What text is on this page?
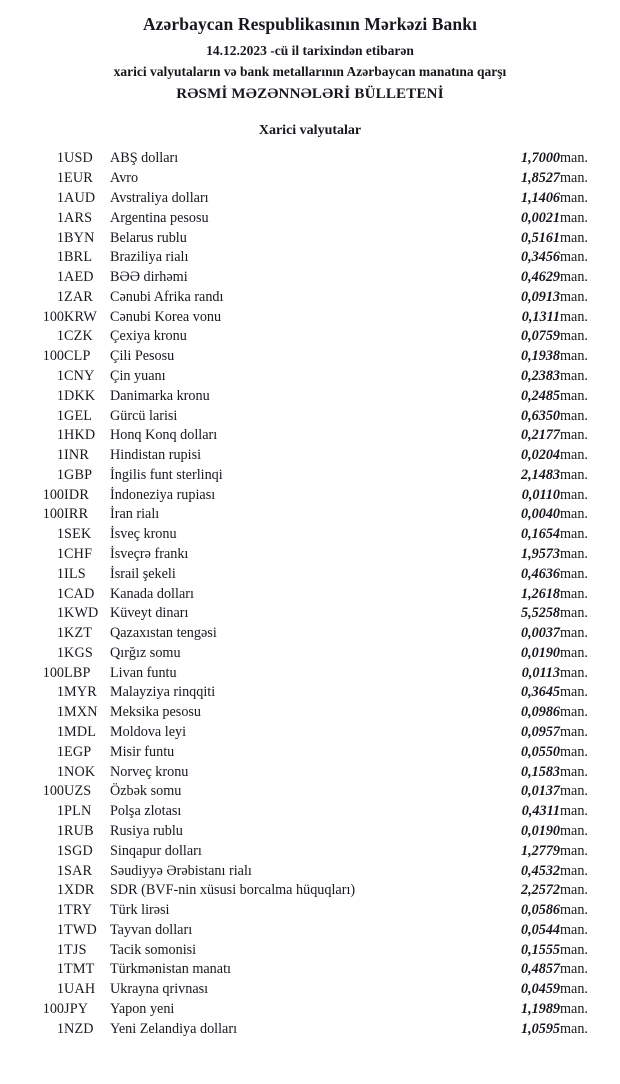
Azərbaycan Respublikasının Mərkəzi Bankı
14.12.2023 -cü il tarixindən etibarən
xarici valyutaların və bank metallarının Azərbaycan manatına qarşı
RƏSMİ MƏZƏNNƏLƏRİ BÜLLETENİ
Xarici valyutalar
1	USD	ABŞ dolları	1,7000	man.
1	EUR	Avro	1,8527	man.
1	AUD	Avstraliya dolları	1,1406	man.
1	ARS	Argentina pesosu	0,0021	man.
1	BYN	Belarus rublu	0,5161	man.
1	BRL	Braziliya rialı	0,3456	man.
1	AED	BƏƏ dirhəmi	0,4629	man.
1	ZAR	Cənubi Afrika randı	0,0913	man.
100	KRW	Cənubi Korea vonu	0,1311	man.
1	CZK	Çexiya kronu	0,0759	man.
100	CLP	Çili Pesosu	0,1938	man.
1	CNY	Çin yuanı	0,2383	man.
1	DKK	Danimarka kronu	0,2485	man.
1	GEL	Gürcü larisi	0,6350	man.
1	HKD	Honq Konq dolları	0,2177	man.
1	INR	Hindistan rupisi	0,0204	man.
1	GBP	İngilis funt sterlinqi	2,1483	man.
100	IDR	İndoneziya rupiası	0,0110	man.
100	IRR	İran rialı	0,0040	man.
1	SEK	İsveç kronu	0,1654	man.
1	CHF	İsveçrə frankı	1,9573	man.
1	ILS	İsrail şekeli	0,4636	man.
1	CAD	Kanada dolları	1,2618	man.
1	KWD	Küveyt dinarı	5,5258	man.
1	KZT	Qazaxıstan tengəsi	0,0037	man.
1	KGS	Qırğız somu	0,0190	man.
100	LBP	Livan funtu	0,0113	man.
1	MYR	Malayziya rinqqiti	0,3645	man.
1	MXN	Meksika pesosu	0,0986	man.
1	MDL	Moldova leyi	0,0957	man.
1	EGP	Misir funtu	0,0550	man.
1	NOK	Norveç kronu	0,1583	man.
100	UZS	Özbək somu	0,0137	man.
1	PLN	Polşa zlotası	0,4311	man.
1	RUB	Rusiya rublu	0,0190	man.
1	SGD	Sinqapur dolları	1,2779	man.
1	SAR	Səudiyyə Ərəbistanı rialı	0,4532	man.
1	XDR	SDR (BVF-nin xüsusi borcalma hüquqları)	2,2572	man.
1	TRY	Türk lirəsi	0,0586	man.
1	TWD	Tayvan dolları	0,0544	man.
1	TJS	Tacik somonisi	0,1555	man.
1	TMT	Türkmənistan manatı	0,4857	man.
1	UAH	Ukrayna qrivnası	0,0459	man.
100	JPY	Yapon yeni	1,1989	man.
1	NZD	Yeni Zelandiya dolları	1,0595	man.
